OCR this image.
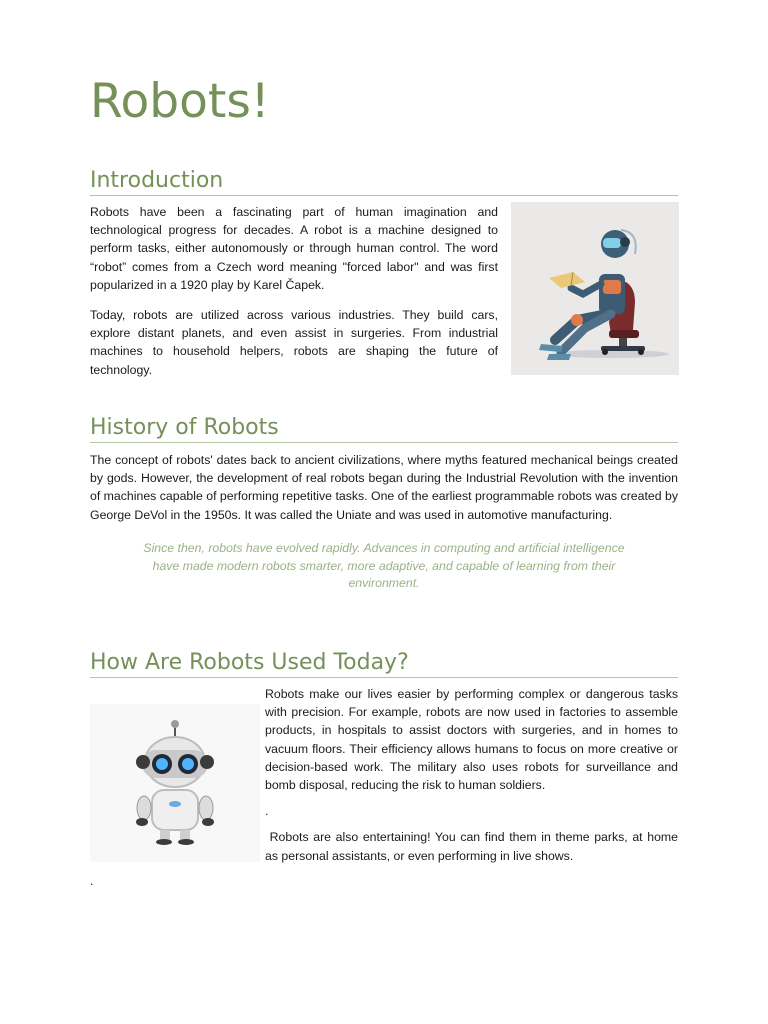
Robots!
Introduction

Robots have been a fascinating part of human imagination and technological progress for decades. A robot is a machine designed to perform tasks, either autonomously or through human control. The word “robot” comes from a Czech word meaning "forced labor" and was first popularized in a 1920 play by Karel Čapek.

Today, robots are utilized across various industries. They build cars, explore distant planets, and even assist in surgeries. From industrial machines to household helpers, robots are shaping the future of technology.

History of Robots

The concept of robots' dates back to ancient civilizations, where myths featured mechanical beings created by gods. However, the development of real robots began during the Industrial Revolution with the invention of machines capable of performing repetitive tasks. One of the earliest programmable robots was created by George DeVol in the 1950s. It was called the Uniate and was used in automotive manufacturing.

Since then, robots have evolved rapidly. Advances in computing and artificial intelligence have made modern robots smarter, more adaptive, and capable of learning from their environment.

How Are Robots Used Today?

Robots make our lives easier by performing complex or dangerous tasks with precision. For example, robots are now used in factories to assemble products, in hospitals to assist doctors with surgeries, and in homes to vacuum floors. Their efficiency allows humans to focus on more creative or decision-based work. The military also uses robots for surveillance and bomb disposal, reducing the risk to human soldiers.

.

Robots are also entertaining! You can find them in theme parks, at home as personal assistants, or even performing in live shows.

.
